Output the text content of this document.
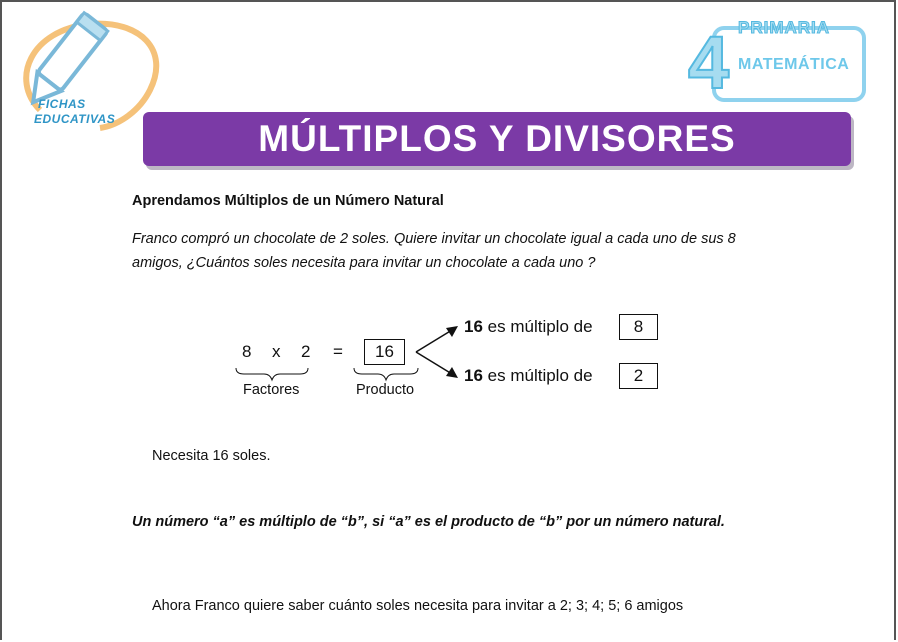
FICHAS
EDUCATIVAS
4 PRIMARIA
MATEMÁTICA
MÚLTIPLOS Y DIVISORES
Aprendamos Múltiplos de un Número Natural
Franco compró un chocolate de 2 soles. Quiere invitar un chocolate igual a cada uno de sus 8 amigos, ¿Cuántos soles necesita para invitar un chocolate a cada uno ?
8 x 2 =	16
Factores	Producto
16 es múltiplo de	8
16 es múltiplo de	2
Necesita 16 soles.
Un número “a” es múltiplo de “b”, si “a” es el producto de “b” por un número natural.
Ahora Franco quiere saber cuánto soles necesita para invitar a 2; 3; 4; 5; 6 amigos
